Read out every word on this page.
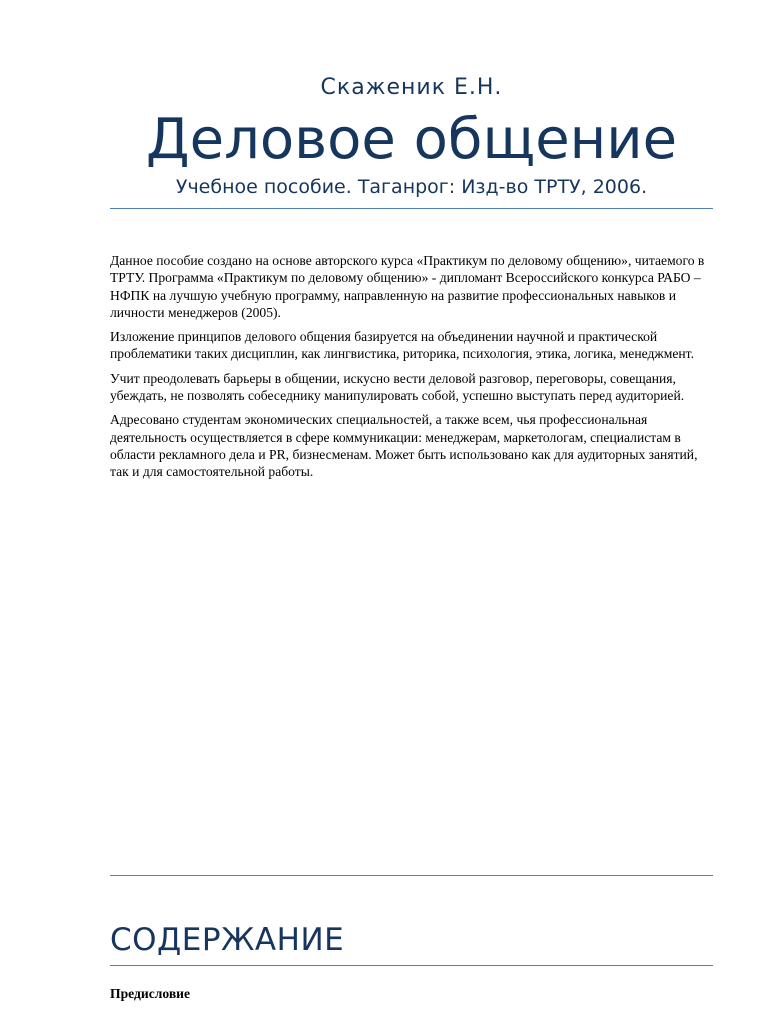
Скаженик Е.Н.
Деловое общение
Учебное пособие. Таганрог: Изд-во ТРТУ, 2006.

Данное пособие создано на основе авторского курса «Практикум по деловому общению», читаемого в ТРТУ. Программа «Практикум по деловому общению» - дипломант Всероссийского конкурса РАБО – НФПК на лучшую учебную программу, направленную на развитие профессиональных навыков и личности менеджеров (2005).

Изложение принципов делового общения базируется на объединении научной и практической проблематики таких дисциплин, как лингвистика, риторика, психология, этика, логика, менеджмент.

Учит преодолевать барьеры в общении, искусно вести деловой разговор, переговоры, совещания, убеждать, не позволять собеседнику манипулировать собой, успешно выступать перед аудиторией.

Адресовано студентам экономических специальностей, а также всем, чья профессиональная деятельность осуществляется в сфере коммуникации: менеджерам, маркетологам, специалистам в области рекламного дела и PR, бизнесменам. Может быть использовано как для аудиторных занятий, так и для самостоятельной работы.

СОДЕРЖАНИЕ
Предисловие
